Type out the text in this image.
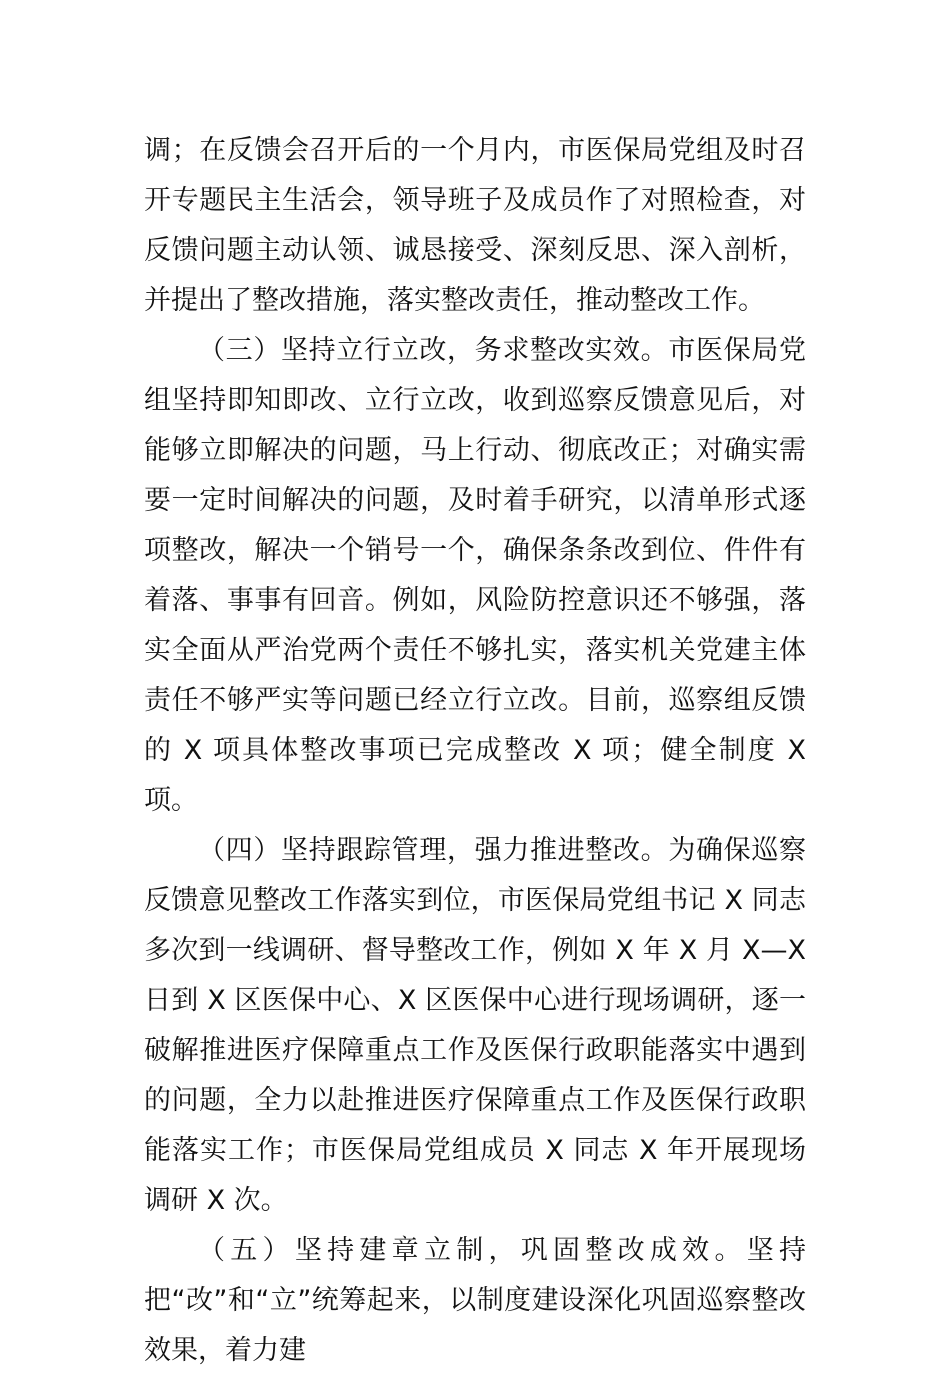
调；在反馈会召开后的一个月内，市医保局党组及时召开专题民主生活会，领导班子及成员作了对照检查，对反馈问题主动认领、诚恳接受、深刻反思、深入剖析，并提出了整改措施，落实整改责任，推动整改工作。

（三）坚持立行立改，务求整改实效。市医保局党组坚持即知即改、立行立改，收到巡察反馈意见后，对能够立即解决的问题，马上行动、彻底改正；对确实需要一定时间解决的问题，及时着手研究，以清单形式逐项整改，解决一个销号一个，确保条条改到位、件件有着落、事事有回音。例如，风险防控意识还不够强，落实全面从严治党两个责任不够扎实，落实机关党建主体责任不够严实等问题已经立行立改。目前，巡察组反馈的 X 项具体整改事项已完成整改 X 项；健全制度 X 项。

（四）坚持跟踪管理，强力推进整改。为确保巡察反馈意见整改工作落实到位，市医保局党组书记 X 同志多次到一线调研、督导整改工作，例如 X 年 X 月 X—X 日到 X 区医保中心、X 区医保中心进行现场调研，逐一破解推进医疗保障重点工作及医保行政职能落实中遇到的问题，全力以赴推进医疗保障重点工作及医保行政职能落实工作；市医保局党组成员 X 同志 X 年开展现场调研 X 次。

（五）坚持建章立制，巩固整改成效。坚持把“改”和“立”统筹起来，以制度建设深化巩固巡察整改效果，着力建
